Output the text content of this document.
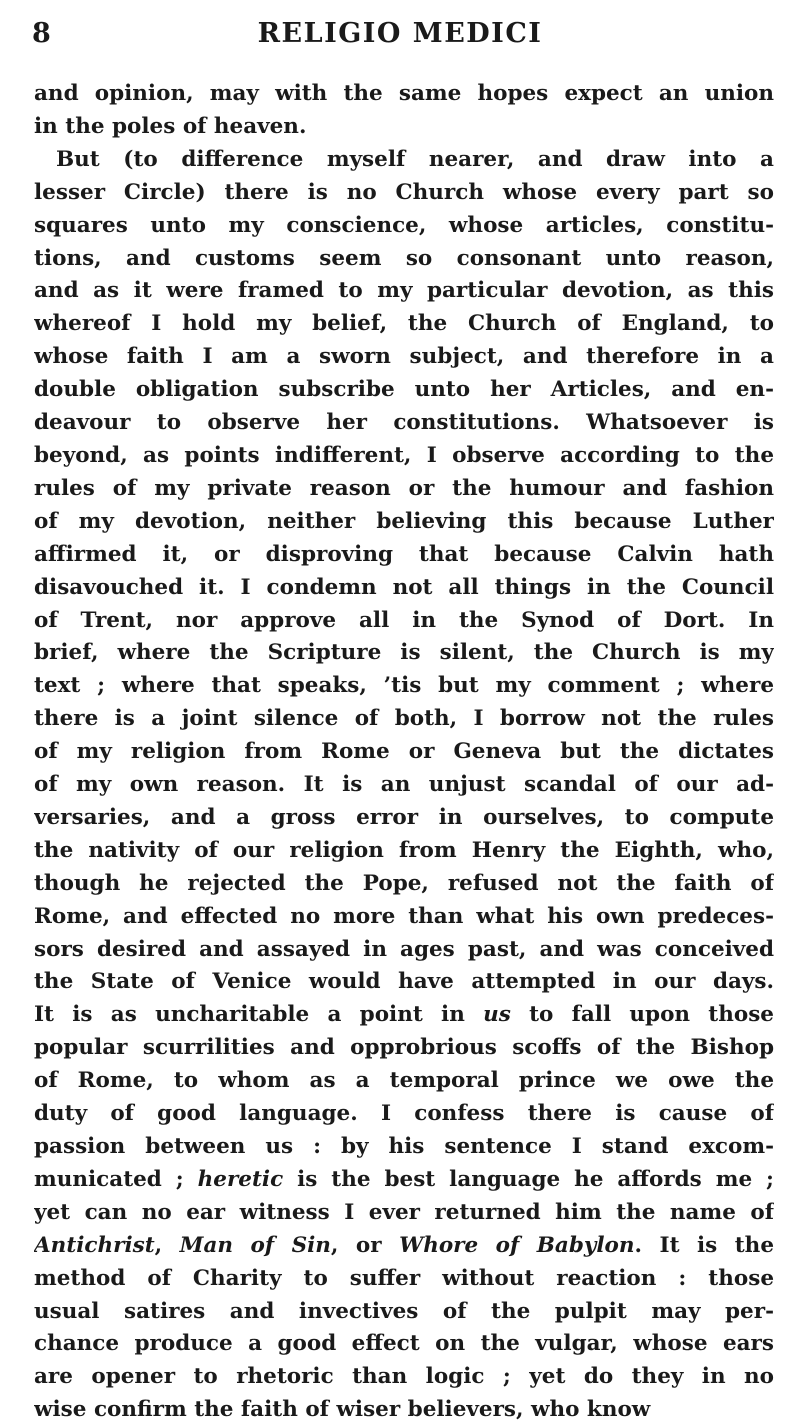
8	RELIGIO MEDICI
and opinion, may with the same hopes expect an union
in the poles of heaven.
But (to difference myself nearer, and draw into a
lesser Circle) there is no Church whose every part so
squares unto my conscience, whose articles, constitu-
tions, and customs seem so consonant unto reason,
and as it were framed to my particular devotion, as this
whereof I hold my belief, the Church of England, to
whose faith I am a sworn subject, and therefore in a
double obligation subscribe unto her Articles, and en-
deavour to observe her constitutions. Whatsoever is
beyond, as points indifferent, I observe according to the
rules of my private reason or the humour and fashion
of my devotion, neither believing this because Luther
affirmed it, or disproving that because Calvin hath
disavouched it. I condemn not all things in the Council
of Trent, nor approve all in the Synod of Dort. In
brief, where the Scripture is silent, the Church is my
text ; where that speaks, ’tis but my comment ; where
there is a joint silence of both, I borrow not the rules
of my religion from Rome or Geneva but the dictates
of my own reason. It is an unjust scandal of our ad-
versaries, and a gross error in ourselves, to compute
the nativity of our religion from Henry the Eighth, who,
though he rejected the Pope, refused not the faith of
Rome, and effected no more than what his own predeces-
sors desired and assayed in ages past, and was conceived
the State of Venice would have attempted in our days.
It is as uncharitable a point in us to fall upon those
popular scurrilities and opprobrious scoffs of the Bishop
of Rome, to whom as a temporal prince we owe the
duty of good language. I confess there is cause of
passion between us : by his sentence I stand excom-
municated ; heretic is the best language he affords me ;
yet can no ear witness I ever returned him the name of
Antichrist, Man of Sin, or Whore of Babylon. It is the
method of Charity to suffer without reaction : those
usual satires and invectives of the pulpit may per-
chance produce a good effect on the vulgar, whose ears
are opener to rhetoric than logic ; yet do they in no
wise confirm the faith of wiser believers, who know
